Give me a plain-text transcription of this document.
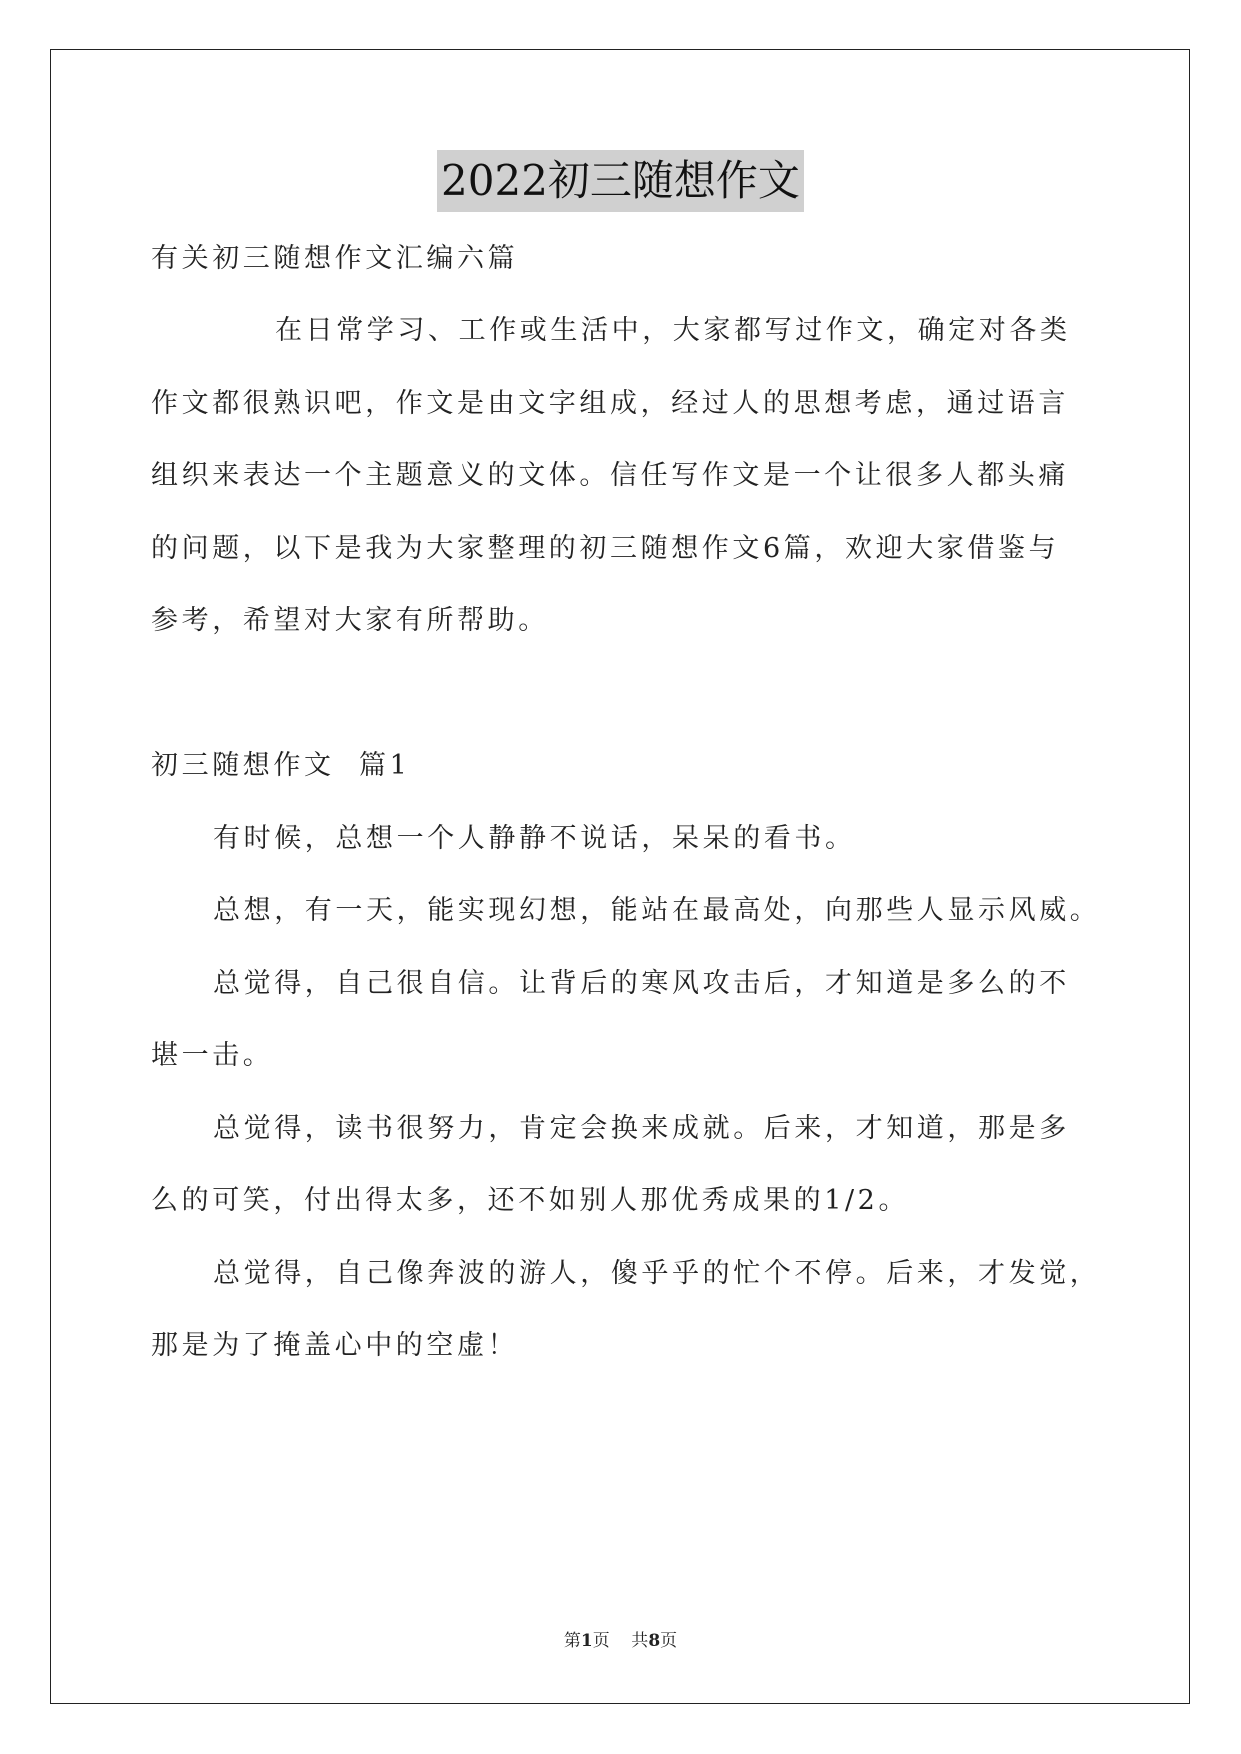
2022初三随想作文
有关初三随想作文汇编六篇
在日常学习、工作或生活中，大家都写过作文，确定对各类
作文都很熟识吧，作文是由文字组成，经过人的思想考虑，通过语言
组织来表达一个主题意义的文体。信任写作文是一个让很多人都头痛
的问题，以下是我为大家整理的初三随想作文6篇，欢迎大家借鉴与
参考，希望对大家有所帮助。
初三随想作文  篇1
有时候，总想一个人静静不说话，呆呆的看书。
总想，有一天，能实现幻想，能站在最高处，向那些人显示风威。
总觉得，自己很自信。让背后的寒风攻击后，才知道是多么的不
堪一击。
总觉得，读书很努力，肯定会换来成就。后来，才知道，那是多
么的可笑，付出得太多，还不如别人那优秀成果的1/2。
总觉得，自己像奔波的游人，傻乎乎的忙个不停。后来，才发觉，
那是为了掩盖心中的空虚！
第1页    共8页
